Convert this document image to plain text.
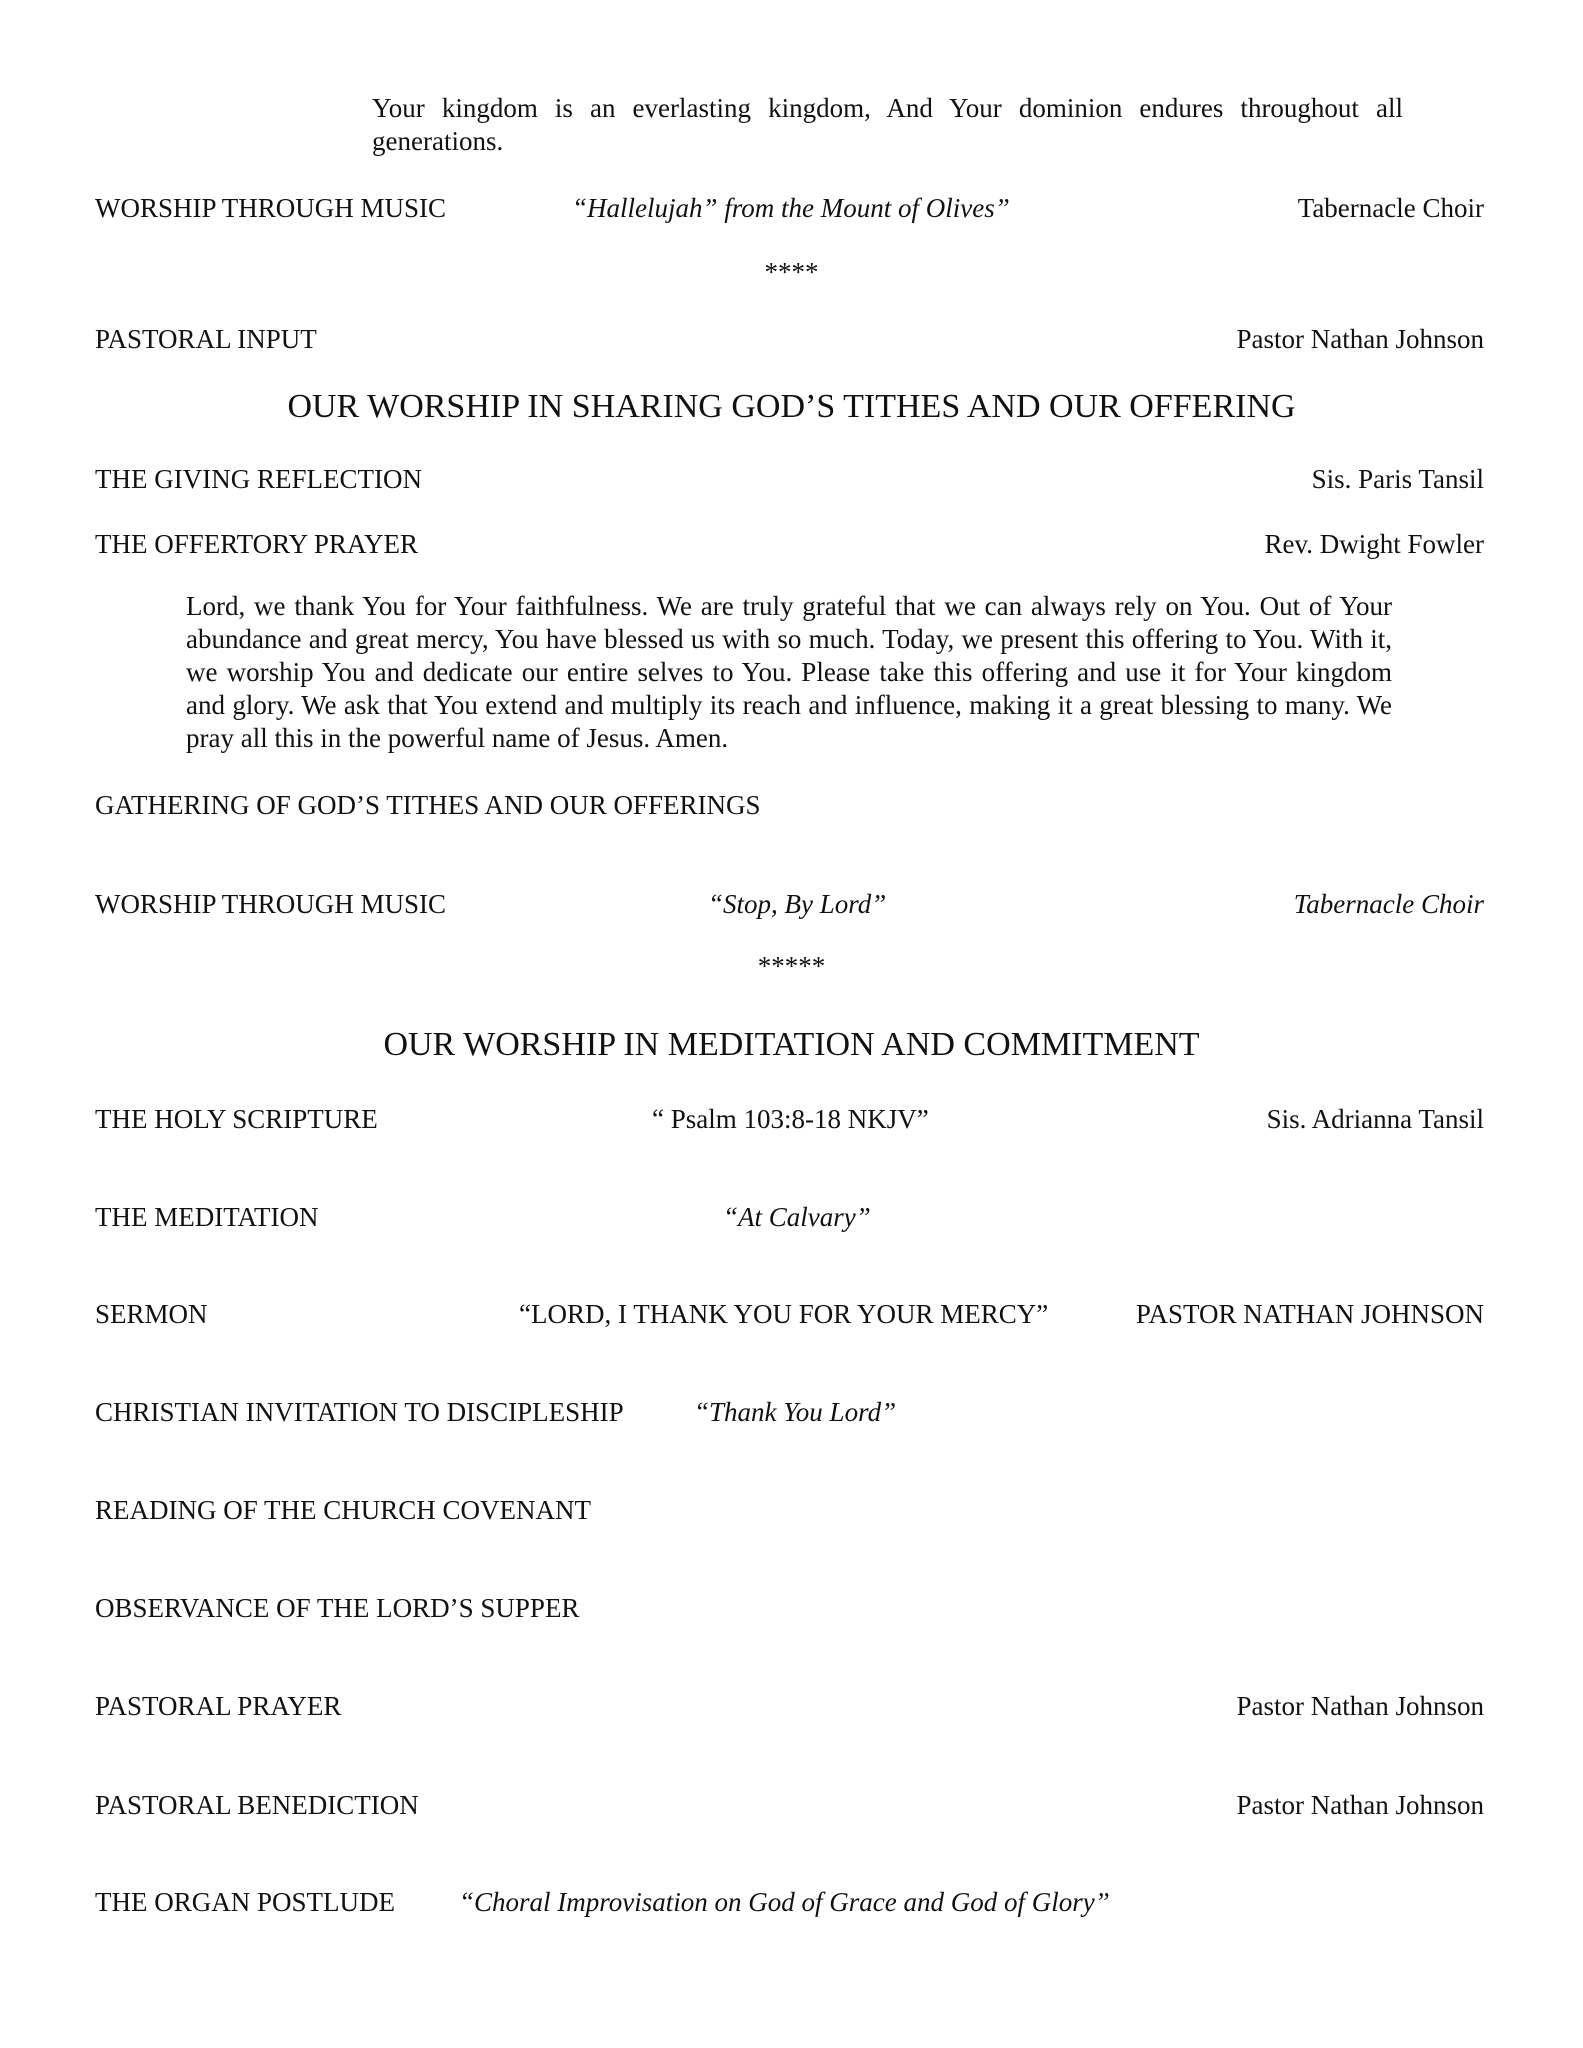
Your kingdom is an everlasting kingdom, And Your dominion endures throughout all generations.
WORSHIP THROUGH MUSIC	“Hallelujah” from the Mount of Olives”	Tabernacle Choir
****
PASTORAL INPUT	Pastor Nathan Johnson
OUR WORSHIP IN SHARING GOD’S TITHES AND OUR OFFERING
THE GIVING REFLECTION	Sis. Paris Tansil
THE OFFERTORY PRAYER	Rev. Dwight Fowler
Lord, we thank You for Your faithfulness. We are truly grateful that we can always rely on You. Out of Your abundance and great mercy, You have blessed us with so much. Today, we present this offering to You. With it, we worship You and dedicate our entire selves to You. Please take this offering and use it for Your kingdom and glory. We ask that You extend and multiply its reach and influence, making it a great blessing to many. We pray all this in the powerful name of Jesus. Amen.
GATHERING OF GOD’S TITHES AND OUR OFFERINGS
WORSHIP THROUGH MUSIC	“Stop, By Lord”	Tabernacle Choir
*****
OUR WORSHIP IN MEDITATION AND COMMITMENT
THE HOLY SCRIPTURE	“ Psalm 103:8-18 NKJV”	Sis. Adrianna Tansil
THE MEDITATION	“At Calvary”
SERMON	“LORD, I THANK YOU FOR YOUR MERCY”	PASTOR NATHAN JOHNSON
CHRISTIAN INVITATION TO DISCIPLESHIP	“Thank You Lord”
READING OF THE CHURCH COVENANT
OBSERVANCE OF THE LORD’S SUPPER
PASTORAL PRAYER	Pastor Nathan Johnson
PASTORAL BENEDICTION	Pastor Nathan Johnson
THE ORGAN POSTLUDE “Choral Improvisation on God of Grace and God of Glory”
